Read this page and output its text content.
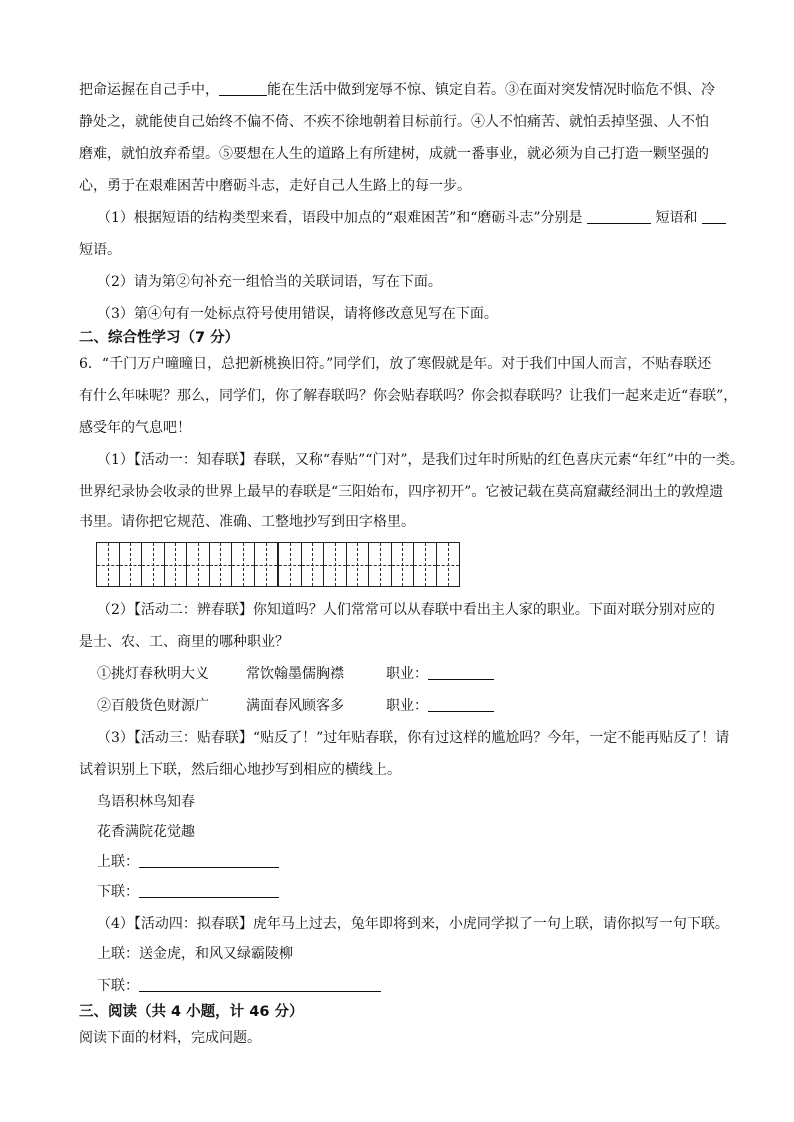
把命运握在自己手中，	能在生活中做到宠辱不惊、镇定自若。③在面对突发情况时临危不惧、冷
静处之，就能使自己始终不偏不倚、不疾不徐地朝着目标前行。④人不怕痛苦、就怕丢掉坚强、人不怕
磨难，就怕放弃希望。⑤要想在人生的道路上有所建树，成就一番事业，就必须为自己打造一颗坚强的
心，勇于在艰难困苦中磨砺斗志，走好自己人生路上的每一步。
（1）根据短语的结构类型来看，语段中加点的“艰难困苦”和“磨砺斗志”分别是	短语和
短语。
（2）请为第②句补充一组恰当的关联词语，写在下面。
（3）第④句有一处标点符号使用错误，请将修改意见写在下面。
二、综合性学习（7 分）
6．“千门万户曈曈日，总把新桃换旧符。”同学们，放了寒假就是年。对于我们中国人而言，不贴春联还
有什么年味呢？那么，同学们，你了解春联吗？你会贴春联吗？你会拟春联吗？让我们一起来走近“春联”，
感受年的气息吧！
（1）【活动一：知春联】春联，又称“春贴”“门对”，是我们过年时所贴的红色喜庆元素“年红”中的一类。
世界纪录协会收录的世界上最早的春联是“三阳始布，四序初开”。它被记载在莫高窟藏经洞出土的敦煌遗
书里。请你把它规范、准确、工整地抄写到田字格里。
（2）【活动二：辨春联】你知道吗？人们常常可以从春联中看出主人家的职业。下面对联分别对应的
是士、农、工、商里的哪种职业？
①挑灯春秋明大义	常饮翰墨儒胸襟	职业：
②百般货色财源广	满面春风顾客多	职业：
（3）【活动三：贴春联】“贴反了！”过年贴春联，你有过这样的尴尬吗？今年，一定不能再贴反了！请
试着识别上下联，然后细心地抄写到相应的横线上。
鸟语积林鸟知春
花香满院花觉趣
上联：
下联：
（4）【活动四：拟春联】虎年马上过去，兔年即将到来，小虎同学拟了一句上联，请你拟写一句下联。
上联：送金虎，和风又绿霸陵柳
下联：
三、阅读（共 4 小题，计 46 分）
阅读下面的材料，完成问题。
